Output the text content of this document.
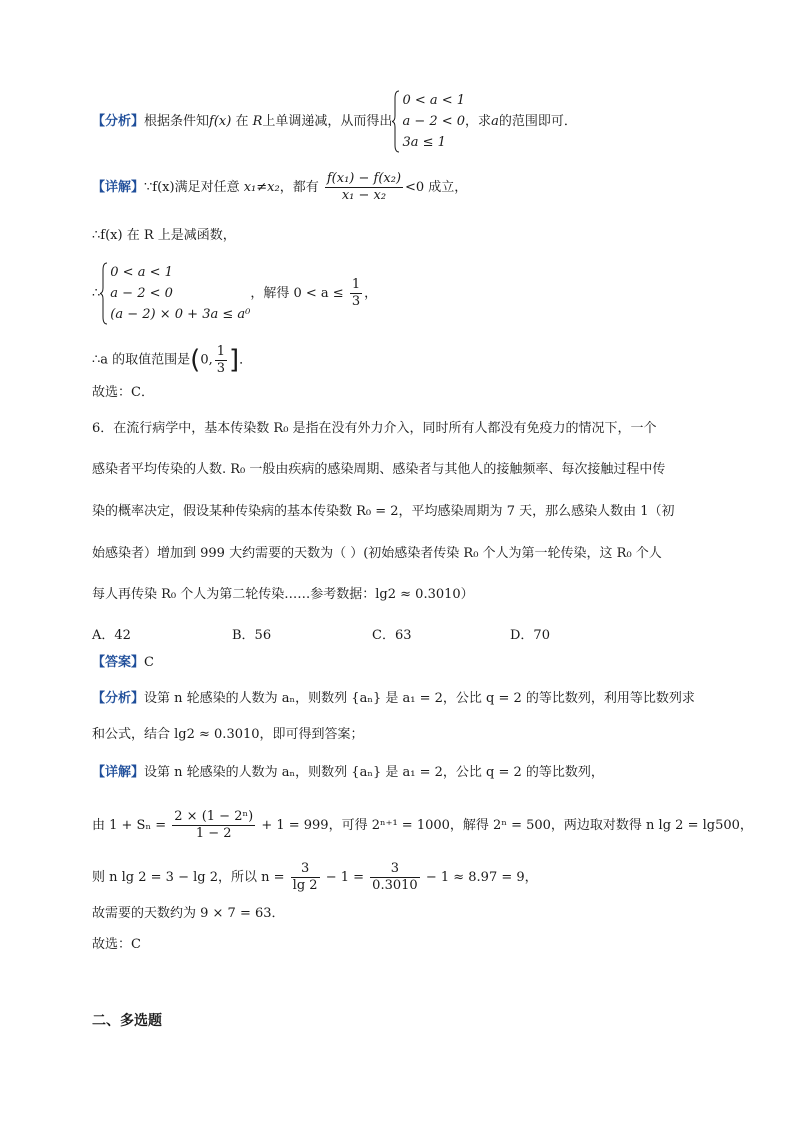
【分析】根据条件知f(x) 在 R上单调递减，从而得出
0 < a < 1
a − 2 < 0
3a ≤ 1
，求a的范围即可．
【详解】∵f(x)满足对任意 x₁≠x₂，都有 $\frac{\text{f(x₁) − f(x₂)}}{\text{x₁ − x₂}} <0$ 成立，
∴f(x) 在 R 上是减函数，
∴
0 < a < 1
a − 2 < 0
(a − 2) × 0 + 3a ≤ a⁰
，解得 $0 < a \le \frac{1}{3}$ ，
∴a 的取值范围是(0, $\frac{1}{3}$ ]．
故选：C．
6．在流行病学中，基本传染数 R₀ 是指在没有外力介入，同时所有人都没有免疫力的情况下，一个
感染者平均传染的人数. R₀ 一般由疾病的感染周期、感染者与其他人的接触频率、每次接触过程中传
染的概率决定，假设某种传染病的基本传染数 R₀ = 2，平均感染周期为 7 天，那么感染人数由 1（初
始感染者）增加到 999 大约需要的天数为（ ）(初始感染者传染 R₀ 个人为第一轮传染，这 R₀ 个人
每人再传染 R₀ 个人为第二轮传染……参考数据：lg2 ≈ 0.3010）
A．42	B．56	C．63	D．70
【答案】C
【分析】设第 n 轮感染的人数为 aₙ，则数列 {aₙ} 是 a₁ = 2，公比 q = 2 的等比数列，利用等比数列求
和公式，结合 lg2 ≈ 0.3010，即可得到答案；
【详解】设第 n 轮感染的人数为 aₙ，则数列 {aₙ} 是 a₁ = 2，公比 q = 2 的等比数列，
由 $1 + S_n = \frac{\text{2 × (1 − 2ⁿ)}}{1 - 2} + 1 = 999$，可得 2ⁿ⁺¹ = 1000，解得 2ⁿ = 500，两边取对数得 n lg 2 = lg500，
则 n lg 2 = 3 − lg 2，所以 $n = \frac{3}{\lg 2} - 1 = \frac{3}{0.3010} - 1 \approx 8.97 = 9$，
故需要的天数约为 9 × 7 = 63．
故选：C
二、多选题
